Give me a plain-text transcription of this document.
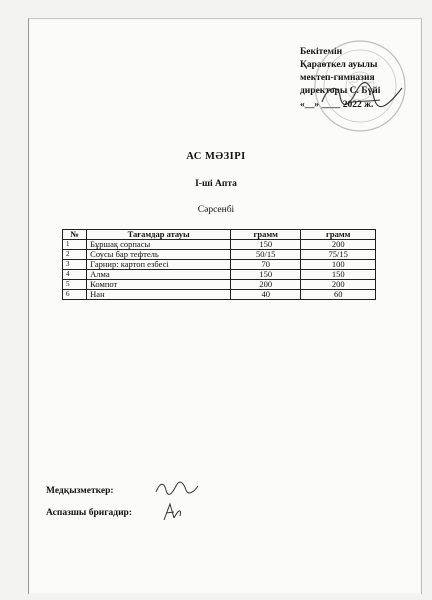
Бекітемін
Қараөткел ауылы
мектеп-гимназия
директоры С. Бүйі
«__» ____ 2022 ж.
АС МӘЗІРІ
І-ші Апта
Сәрсенбі
№	Тағамдар атауы	грамм	грамм
1	Бұршақ сорпасы	150	200
2	Соусы бар тефтель	50/15	75/15
3	Гарнир: картоп езбесі	70	100
4	Алма	150	150
5	Компот	200	200
6	Нан	40	60
Медқызметкер:
Аспазшы бригадир:
